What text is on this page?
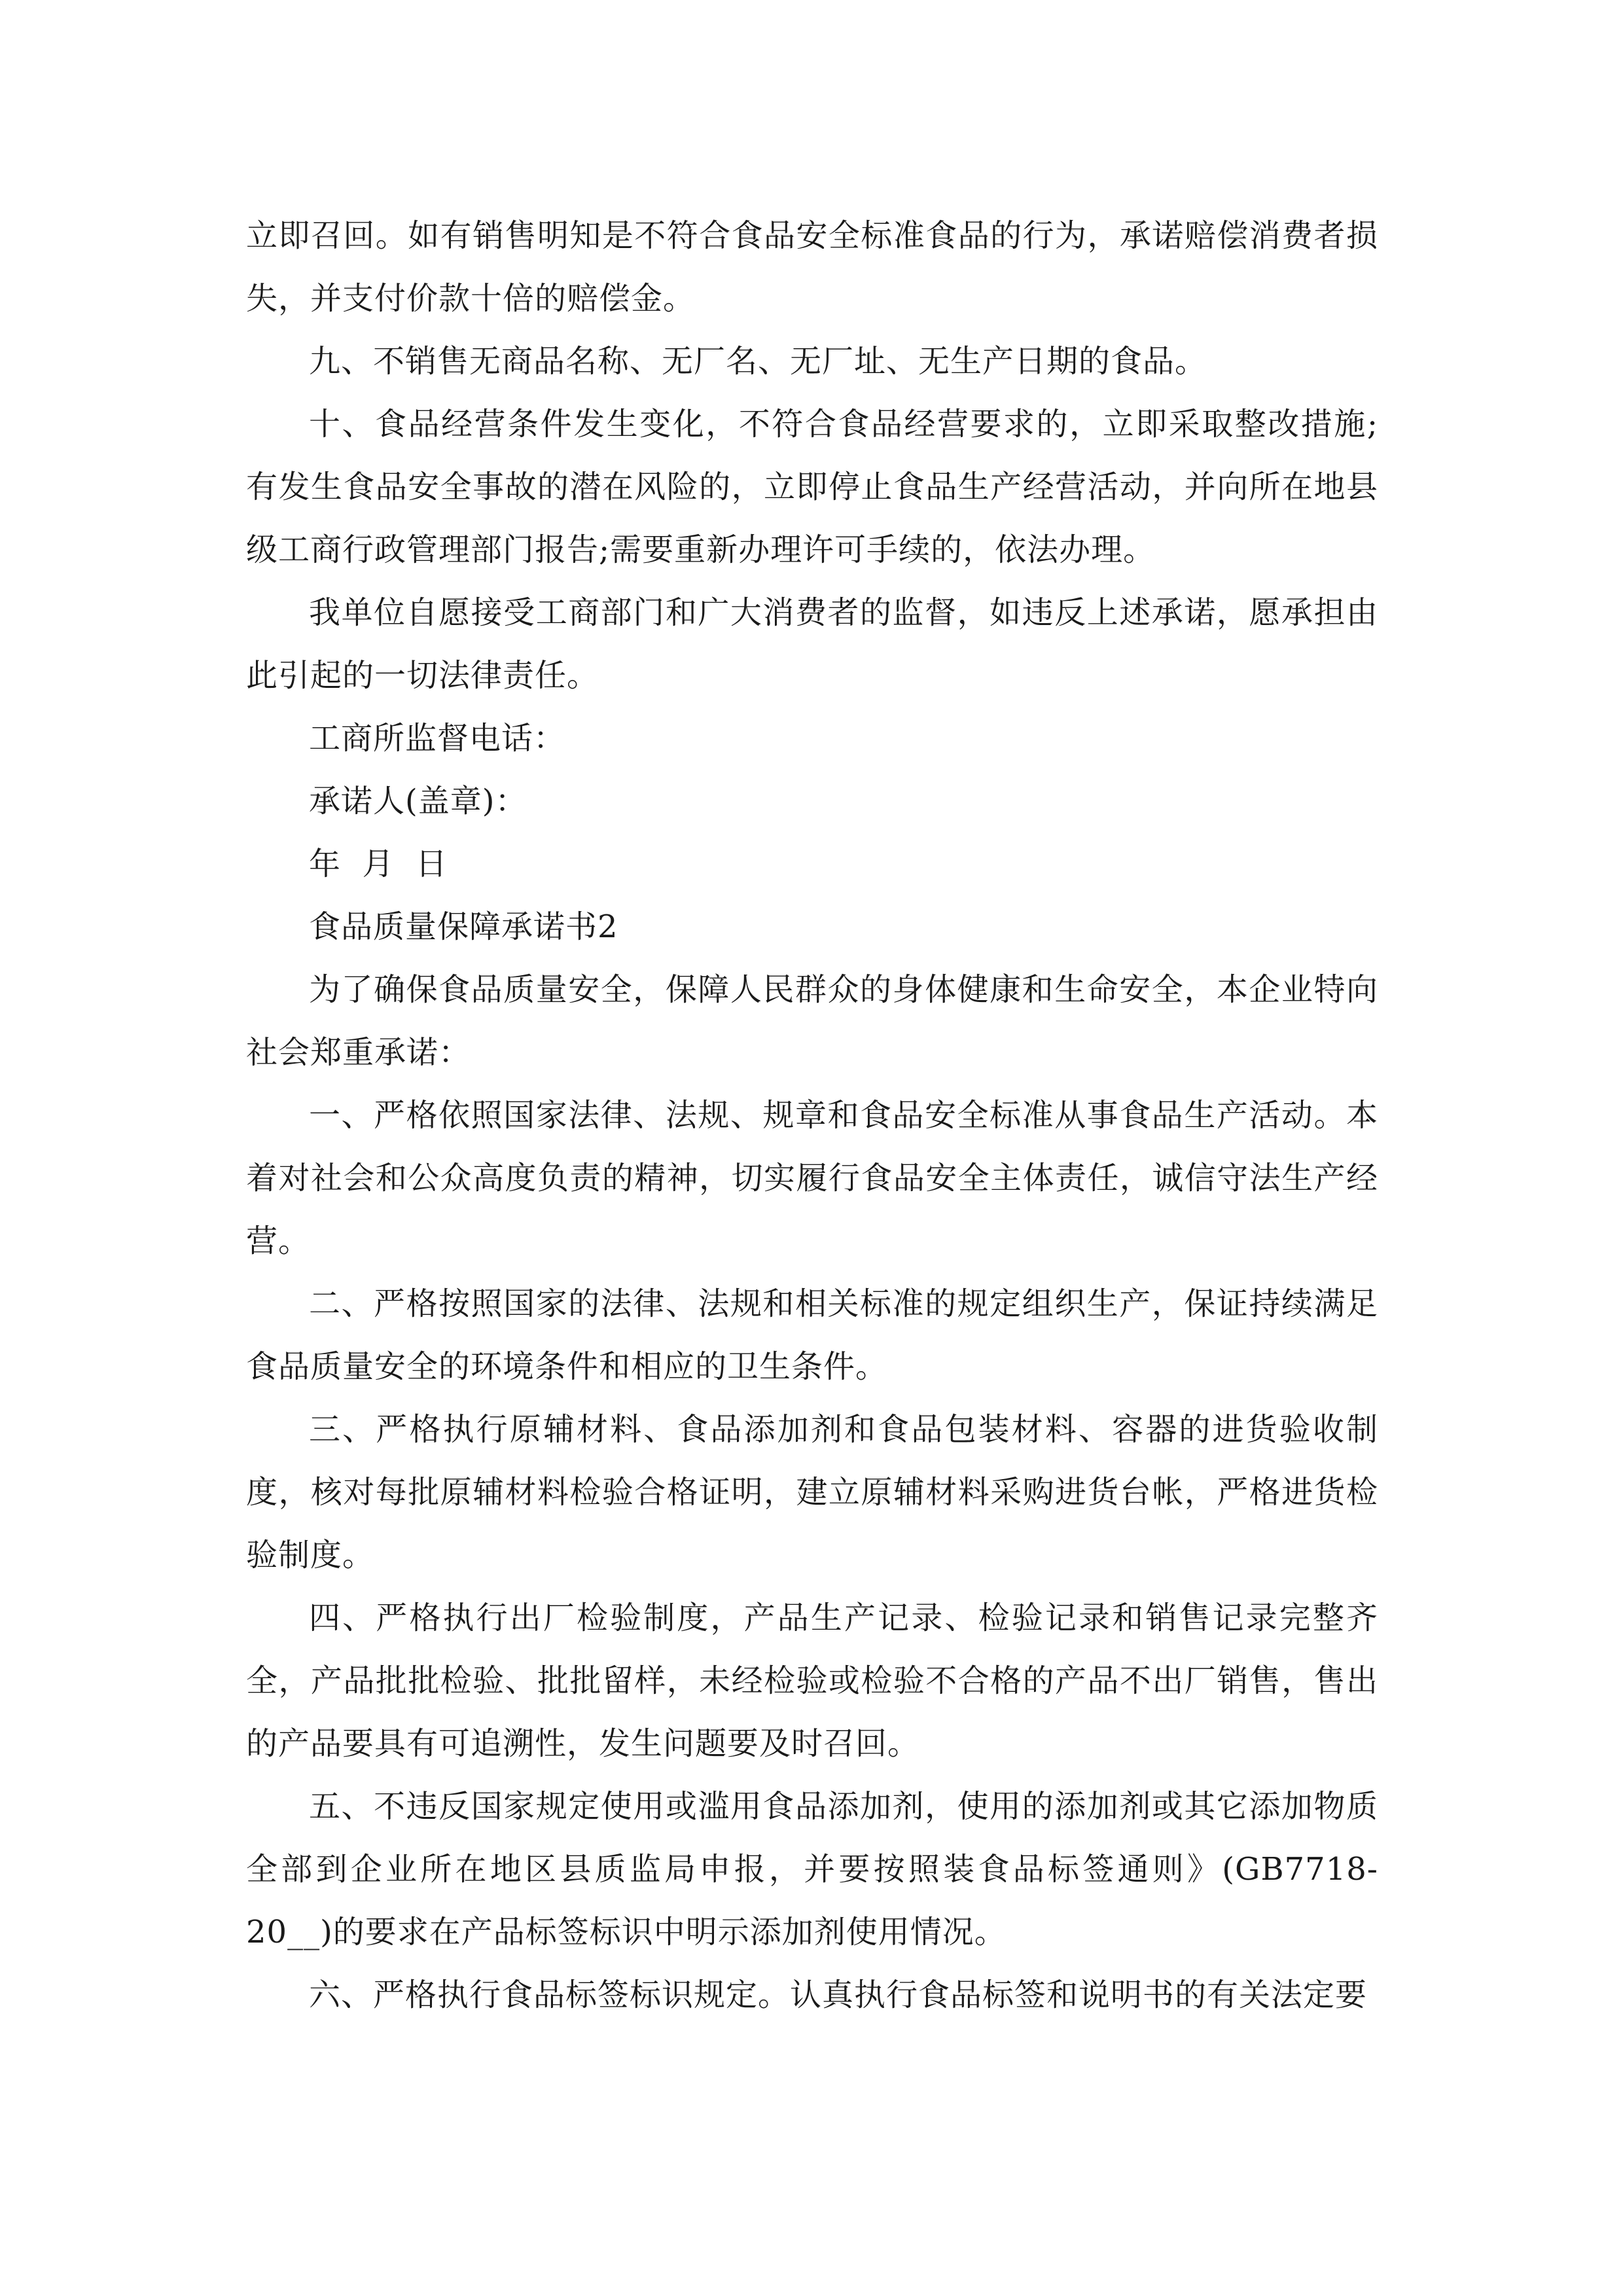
立即召回。如有销售明知是不符合食品安全标准食品的行为，承诺赔偿消费者损失，并支付价款十倍的赔偿金。

九、不销售无商品名称、无厂名、无厂址、无生产日期的食品。

十、食品经营条件发生变化，不符合食品经营要求的，立即采取整改措施;有发生食品安全事故的潜在风险的，立即停止食品生产经营活动，并向所在地县级工商行政管理部门报告;需要重新办理许可手续的，依法办理。

我单位自愿接受工商部门和广大消费者的监督，如违反上述承诺，愿承担由此引起的一切法律责任。

工商所监督电话：

承诺人(盖章)：

年  月  日

食品质量保障承诺书2

为了确保食品质量安全，保障人民群众的身体健康和生命安全，本企业特向社会郑重承诺：

一、严格依照国家法律、法规、规章和食品安全标准从事食品生产活动。本着对社会和公众高度负责的精神，切实履行食品安全主体责任，诚信守法生产经营。

二、严格按照国家的法律、法规和相关标准的规定组织生产，保证持续满足食品质量安全的环境条件和相应的卫生条件。

三、严格执行原辅材料、食品添加剂和食品包装材料、容器的进货验收制度，核对每批原辅材料检验合格证明，建立原辅材料采购进货台帐，严格进货检验制度。

四、严格执行出厂检验制度，产品生产记录、检验记录和销售记录完整齐全，产品批批检验、批批留样，未经检验或检验不合格的产品不出厂销售，售出的产品要具有可追溯性，发生问题要及时召回。

五、不违反国家规定使用或滥用食品添加剂，使用的添加剂或其它添加物质全部到企业所在地区县质监局申报，并要按照装食品标签通则》(GB7718-20__)的要求在产品标签标识中明示添加剂使用情况。

六、严格执行食品标签标识规定。认真执行食品标签和说明书的有关法定要
